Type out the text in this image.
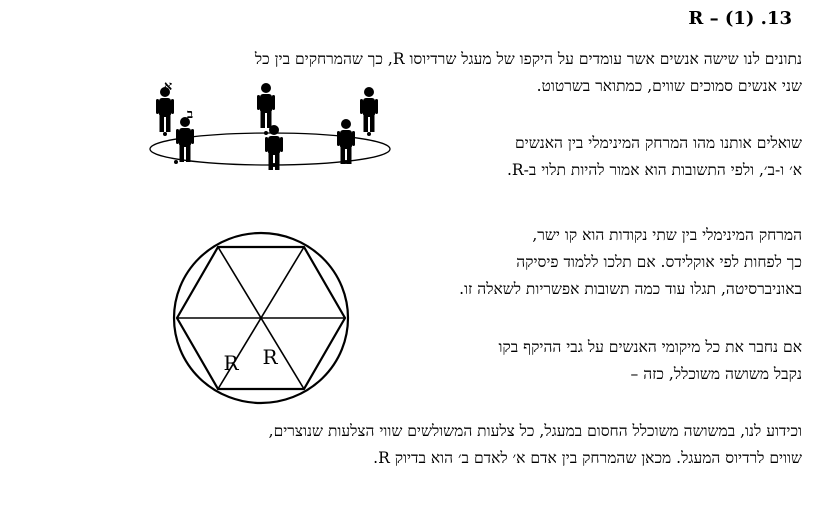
R – (1) .13
נתונים לנו שישה אנשים אשר עומדים על היקפו של מעגל שרדיוסו R, כך שהמרחקים בין כל
שני אנשים סמוכים שווים, כמתואר בשרטוט.
שואלים אותנו מהו המרחק המינימלי בין האנשים
א׳ ו-ב׳, ולפי התשובות הוא אמור להיות תלוי ב-R.
המרחק המינימלי בין שתי נקודות הוא קו ישר,
כך לפחות לפי אוקלידס. אם תלכו ללמוד פיסיקה
באוניברסיטה, תגלו עוד כמה תשובות אפשריות לשאלה זו.
אם נחבר את כל מיקומי האנשים על גבי ההיקף בקו
נקבל משושה משוכלל, כזה –
וכידוע לנו, במשושה משוכלל החסום במעגל, כל צלעות המשולשים שווי הצלעות שנוצרים,
שווים לרדיוס המעגל. מכאן שהמרחק בין אדם א׳ לאדם ב׳ הוא בדיוק R.
א
ב
R R
